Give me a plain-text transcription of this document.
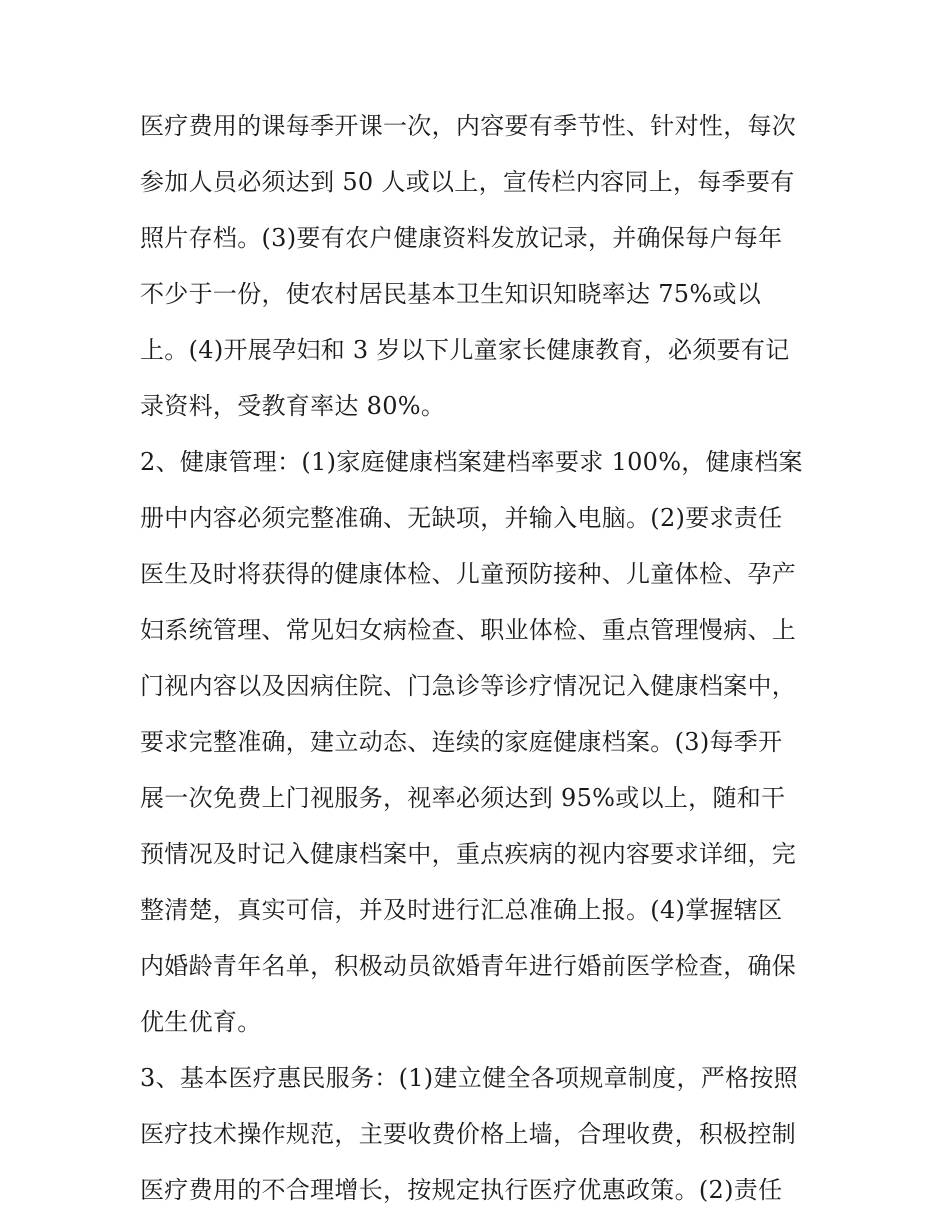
医疗费用的课每季开课一次，内容要有季节性、针对性，每次
参加人员必须达到 50 人或以上，宣传栏内容同上，每季要有
照片存档。(3)要有农户健康资料发放记录，并确保每户每年
不少于一份，使农村居民基本卫生知识知晓率达 75%或以
上。(4)开展孕妇和 3 岁以下儿童家长健康教育，必须要有记
录资料，受教育率达 80%。
2、健康管理：(1)家庭健康档案建档率要求 100%，健康档案
册中内容必须完整准确、无缺项，并输入电脑。(2)要求责任
医生及时将获得的健康体检、儿童预防接种、儿童体检、孕产
妇系统管理、常见妇女病检查、职业体检、重点管理慢病、上
门视内容以及因病住院、门急诊等诊疗情况记入健康档案中，
要求完整准确，建立动态、连续的家庭健康档案。(3)每季开
展一次免费上门视服务，视率必须达到 95%或以上，随和干
预情况及时记入健康档案中，重点疾病的视内容要求详细，完
整清楚，真实可信，并及时进行汇总准确上报。(4)掌握辖区
内婚龄青年名单，积极动员欲婚青年进行婚前医学检查，确保
优生优育。
3、基本医疗惠民服务：(1)建立健全各项规章制度，严格按照
医疗技术操作规范，主要收费价格上墙，合理收费，积极控制
医疗费用的不合理增长，按规定执行医疗优惠政策。(2)责任
